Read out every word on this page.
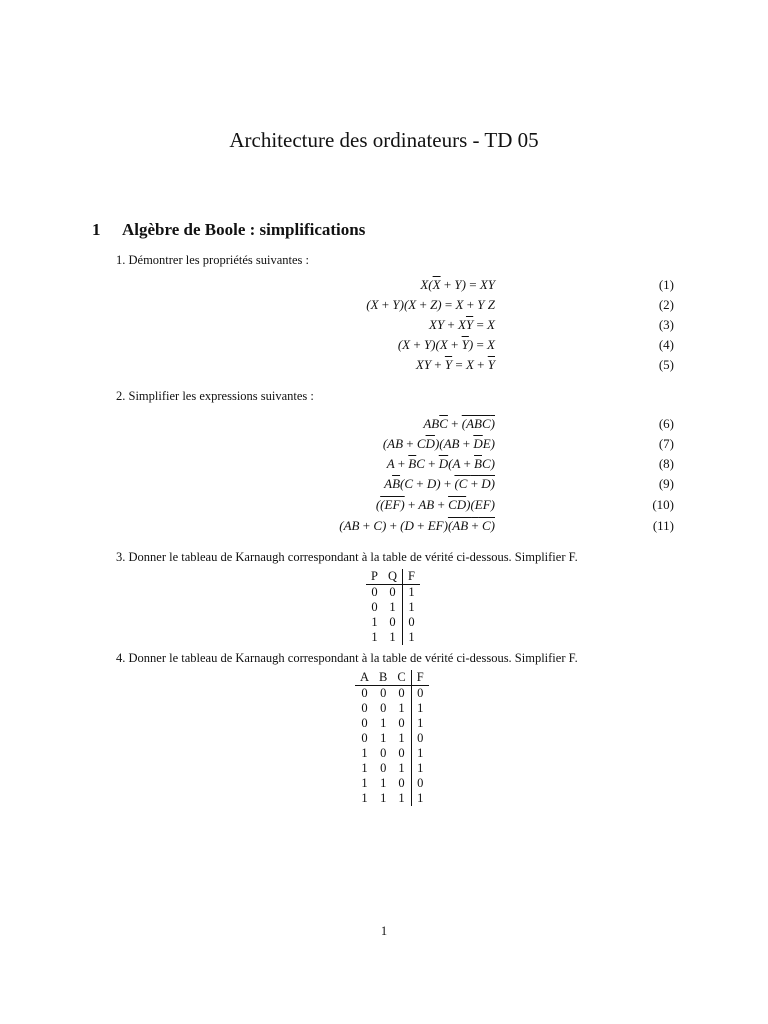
Architecture des ordinateurs - TD 05
1 Algèbre de Boole : simplifications
1. Démontrer les propriétés suivantes :
$X(\overline{X} + Y)$ = XY	(1)
(X + Y)(X + Z) = X + Y Z	(2)
XY + $X\overline{Y} = X$	(3)
$(X + Y)(X + \overline{Y}) = X$	(4)
XY + $\overline{Y} = X + \overline{Y}$	(5)
2. Simplifier les expressions suivantes :
$AB\overline{C} + (ABC)$	(6)
$(AB + C\overline{D})(AB + \overline{D}E)$	(7)
$A + \overline{B}C + \overline{D}(A + \overline{B}C)$	(8)
$A\overline{B}(C + D) + (C + D)$	(9)
((EF) + AB + $\overline{CD})(EF)$	(10)
(AB + C) + (D + EF)(AB + C)	(11)
3. Donner le tableau de Karnaugh correspondant à la table de vérité ci-dessous. Simplifier F.
P	Q	F
0	0	1
0	1	1
1	0	0
1	1	1
4. Donner le tableau de Karnaugh correspondant à la table de vérité ci-dessous. Simplifier F.
A	B	C	F
0	0	0	0
0	0	1	1
0	1	0	1
0	1	1	0
1	0	0	1
1	0	1	1
1	1	0	0
1	1	1	1
1
